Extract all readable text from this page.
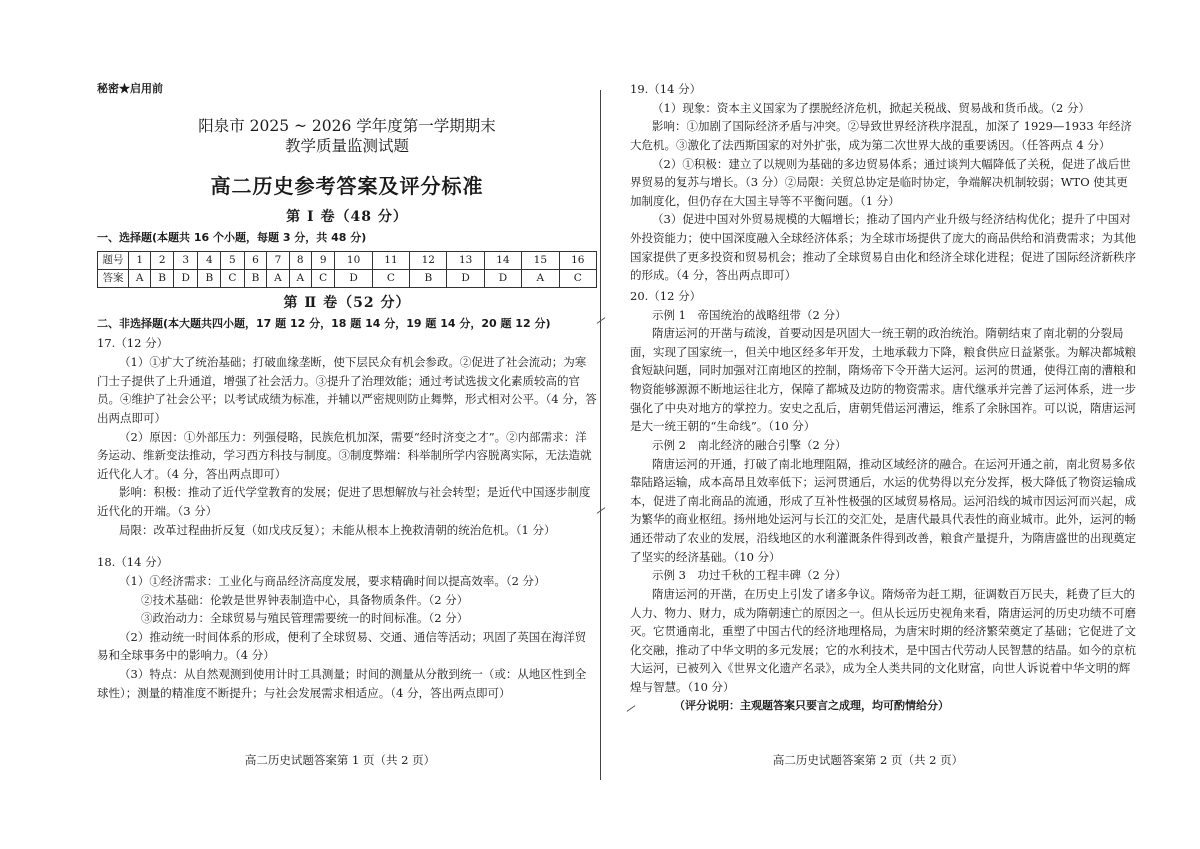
秘密★启用前
阳泉市 2025 ~ 2026 学年度第一学期期末
教学质量监测试题
高二历史参考答案及评分标准
第 Ⅰ 卷（48 分）
一、选择题(本题共 16 个小题，每题 3 分，共 48 分)
题号	1	2	3	4	5	6	7	8	9	10	11	12	13	14	15	16
答案	A	B	D	B	C	B	A	A	C	D	C	B	D	D	A	C
第 Ⅱ 卷（52 分）
二、非选择题(本大题共四小题，17 题 12 分，18 题 14 分，19 题 14 分，20 题 12 分)

17.（12 分）

（1）①扩大了统治基础；打破血缘垄断，使下层民众有机会参政。②促进了社会流动；为寒门士子提供了上升通道，增强了社会活力。③提升了治理效能；通过考试选拔文化素质较高的官员。④维护了社会公平；以考试成绩为标准，并辅以严密规则防止舞弊，形式相对公平。（4 分，答出两点即可）

（2）原因：①外部压力：列强侵略，民族危机加深，需要“经时济变之才”。②内部需求：洋务运动、维新变法推动，学习西方科技与制度。③制度弊端：科举制所学内容脱离实际，无法造就近代化人才。（4 分，答出两点即可）

影响：积极：推动了近代学堂教育的发展；促进了思想解放与社会转型；是近代中国逐步制度近代化的开端。（3 分）

局限：改革过程曲折反复（如戊戌反复）；未能从根本上挽救清朝的统治危机。（1 分）

18.（14 分）

（1）①经济需求：工业化与商品经济高度发展，要求精确时间以提高效率。（2 分）

②技术基础：伦敦是世界钟表制造中心，具备物质条件。（2 分）

③政治动力：全球贸易与殖民管理需要统一的时间标准。（2 分）

（2）推动统一时间体系的形成，便利了全球贸易、交通、通信等活动；巩固了英国在海洋贸易和全球事务中的影响力。（4 分）

（3）特点：从自然观测到使用计时工具测量；时间的测量从分散到统一（或：从地区性到全球性）；测量的精准度不断提升；与社会发展需求相适应。（4 分，答出两点即可）

高二历史试题答案第 1 页（共 2 页）

19.（14 分）

（1）现象：资本主义国家为了摆脱经济危机，掀起关税战、贸易战和货币战。（2 分）

影响：①加剧了国际经济矛盾与冲突。②导致世界经济秩序混乱，加深了 1929—1933 年经济大危机。③激化了法西斯国家的对外扩张，成为第二次世界大战的重要诱因。（任答两点 4 分）

（2）①积极：建立了以规则为基础的多边贸易体系；通过谈判大幅降低了关税，促进了战后世界贸易的复苏与增长。（3 分）②局限：关贸总协定是临时协定，争端解决机制较弱；WTO 使其更加制度化，但仍存在大国主导等不平衡问题。（1 分）

（3）促进中国对外贸易规模的大幅增长；推动了国内产业升级与经济结构优化；提升了中国对外投资能力；使中国深度融入全球经济体系；为全球市场提供了庞大的商品供给和消费需求；为其他国家提供了更多投资和贸易机会；推动了全球贸易自由化和经济全球化进程；促进了国际经济新秩序的形成。（4 分，答出两点即可）

20.（12 分）

示例 1　帝国统治的战略纽带（2 分）

隋唐运河的开凿与疏浚，首要动因是巩固大一统王朝的政治统治。隋朝结束了南北朝的分裂局面，实现了国家统一，但关中地区经多年开发，土地承载力下降，粮食供应日益紧张。为解决都城粮食短缺问题，同时加强对江南地区的控制，隋炀帝下令开凿大运河。运河的贯通，使得江南的漕粮和物资能够源源不断地运往北方，保障了都城及边防的物资需求。唐代继承并完善了运河体系，进一步强化了中央对地方的掌控力。安史之乱后，唐朝凭借运河漕运，维系了余脉国祚。可以说，隋唐运河是大一统王朝的“生命线”。（10 分）

示例 2　南北经济的融合引擎（2 分）

隋唐运河的开通，打破了南北地理阻隔，推动区域经济的融合。在运河开通之前，南北贸易多依靠陆路运输，成本高昂且效率低下；运河贯通后，水运的优势得以充分发挥，极大降低了物资运输成本，促进了南北商品的流通，形成了互补性极强的区域贸易格局。运河沿线的城市因运河而兴起，成为繁华的商业枢纽。扬州地处运河与长江的交汇处，是唐代最具代表性的商业城市。此外，运河的畅通还带动了农业的发展，沿线地区的水利灌溉条件得到改善，粮食产量提升，为隋唐盛世的出现奠定了坚实的经济基础。（10 分）

示例 3　功过千秋的工程丰碑（2 分）

隋唐运河的开凿，在历史上引发了诸多争议。隋炀帝为赶工期，征调数百万民夫，耗费了巨大的人力、物力、财力，成为隋朝速亡的原因之一。但从长远历史视角来看，隋唐运河的历史功绩不可磨灭。它贯通南北，重塑了中国古代的经济地理格局，为唐宋时期的经济繁荣奠定了基础；它促进了文化交融，推动了中华文明的多元发展；它的水利技术，是中国古代劳动人民智慧的结晶。如今的京杭大运河，已被列入《世界文化遗产名录》，成为全人类共同的文化财富，向世人诉说着中华文明的辉煌与智慧。（10 分）

（评分说明：主观题答案只要言之成理，均可酌情给分）

高二历史试题答案第 2 页（共 2 页）
